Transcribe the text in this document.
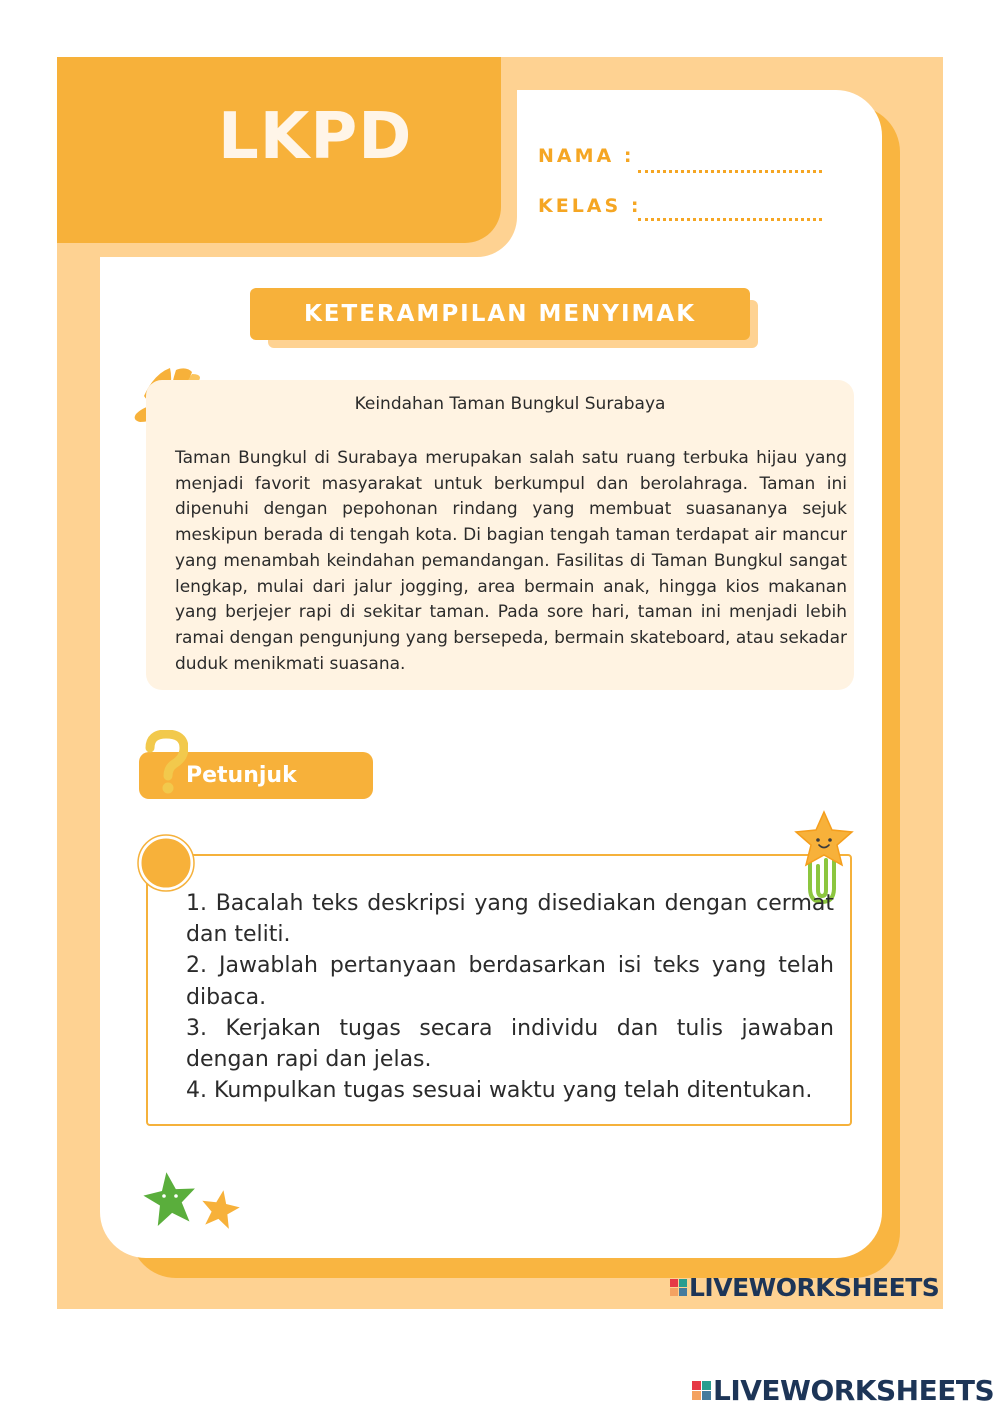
LKPD	NAMA :
KELAS :
KETERAMPILAN MENYIMAK
Keindahan Taman Bungkul Surabaya

Taman Bungkul di Surabaya merupakan salah satu ruang terbuka hijau yang menjadi favorit masyarakat untuk berkumpul dan berolahraga. Taman ini dipenuhi dengan pepohonan rindang yang membuat suasananya sejuk meskipun berada di tengah kota. Di bagian tengah taman terdapat air mancur yang menambah keindahan pemandangan. Fasilitas di Taman Bungkul sangat lengkap, mulai dari jalur jogging, area bermain anak, hingga kios makanan yang berjejer rapi di sekitar taman. Pada sore hari, taman ini menjadi lebih ramai dengan pengunjung yang bersepeda, bermain skateboard, atau sekadar duduk menikmati suasana.

Petunjuk
1. Bacalah teks deskripsi yang disediakan dengan cermat dan teliti.
2. Jawablah pertanyaan berdasarkan isi teks yang telah dibaca.
3. Kerjakan tugas secara individu dan tulis jawaban dengan rapi dan jelas.
4. Kumpulkan tugas sesuai waktu yang telah ditentukan.
LIVEWORKSHEETS
LIVEWORKSHEETS
